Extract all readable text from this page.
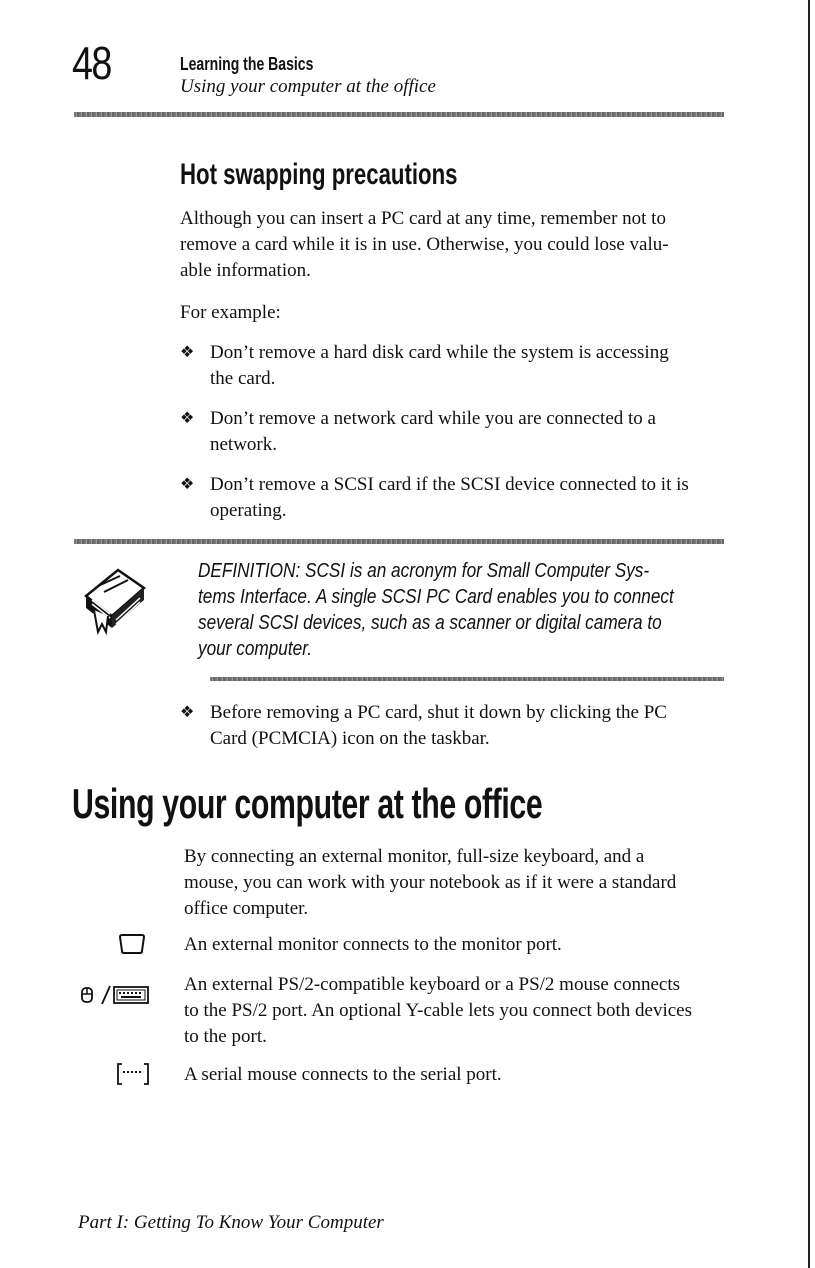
48	Learning the Basics
Using your computer at the office
Hot swapping precautions
Although you can insert a PC card at any time, remember not to
remove a card while it is in use. Otherwise, you could lose valu-
able information.
For example:
❖ Don’t remove a hard disk card while the system is accessing
the card.
❖ Don’t remove a network card while you are connected to a
network.
❖ Don’t remove a SCSI card if the SCSI device connected to it is
operating.
DEFINITION: SCSI is an acronym for Small Computer Sys-
tems Interface. A single SCSI PC Card enables you to connect
several SCSI devices, such as a scanner or digital camera to
your computer.
❖ Before removing a PC card, shut it down by clicking the PC
Card (PCMCIA) icon on the taskbar.
Using your computer at the office
By connecting an external monitor, full-size keyboard, and a
mouse, you can work with your notebook as if it were a standard
office computer.
An external monitor connects to the monitor port.
An external PS/2-compatible keyboard or a PS/2 mouse connects
to the PS/2 port. An optional Y-cable lets you connect both devices
to the port.
A serial mouse connects to the serial port.
Part I: Getting To Know Your Computer
